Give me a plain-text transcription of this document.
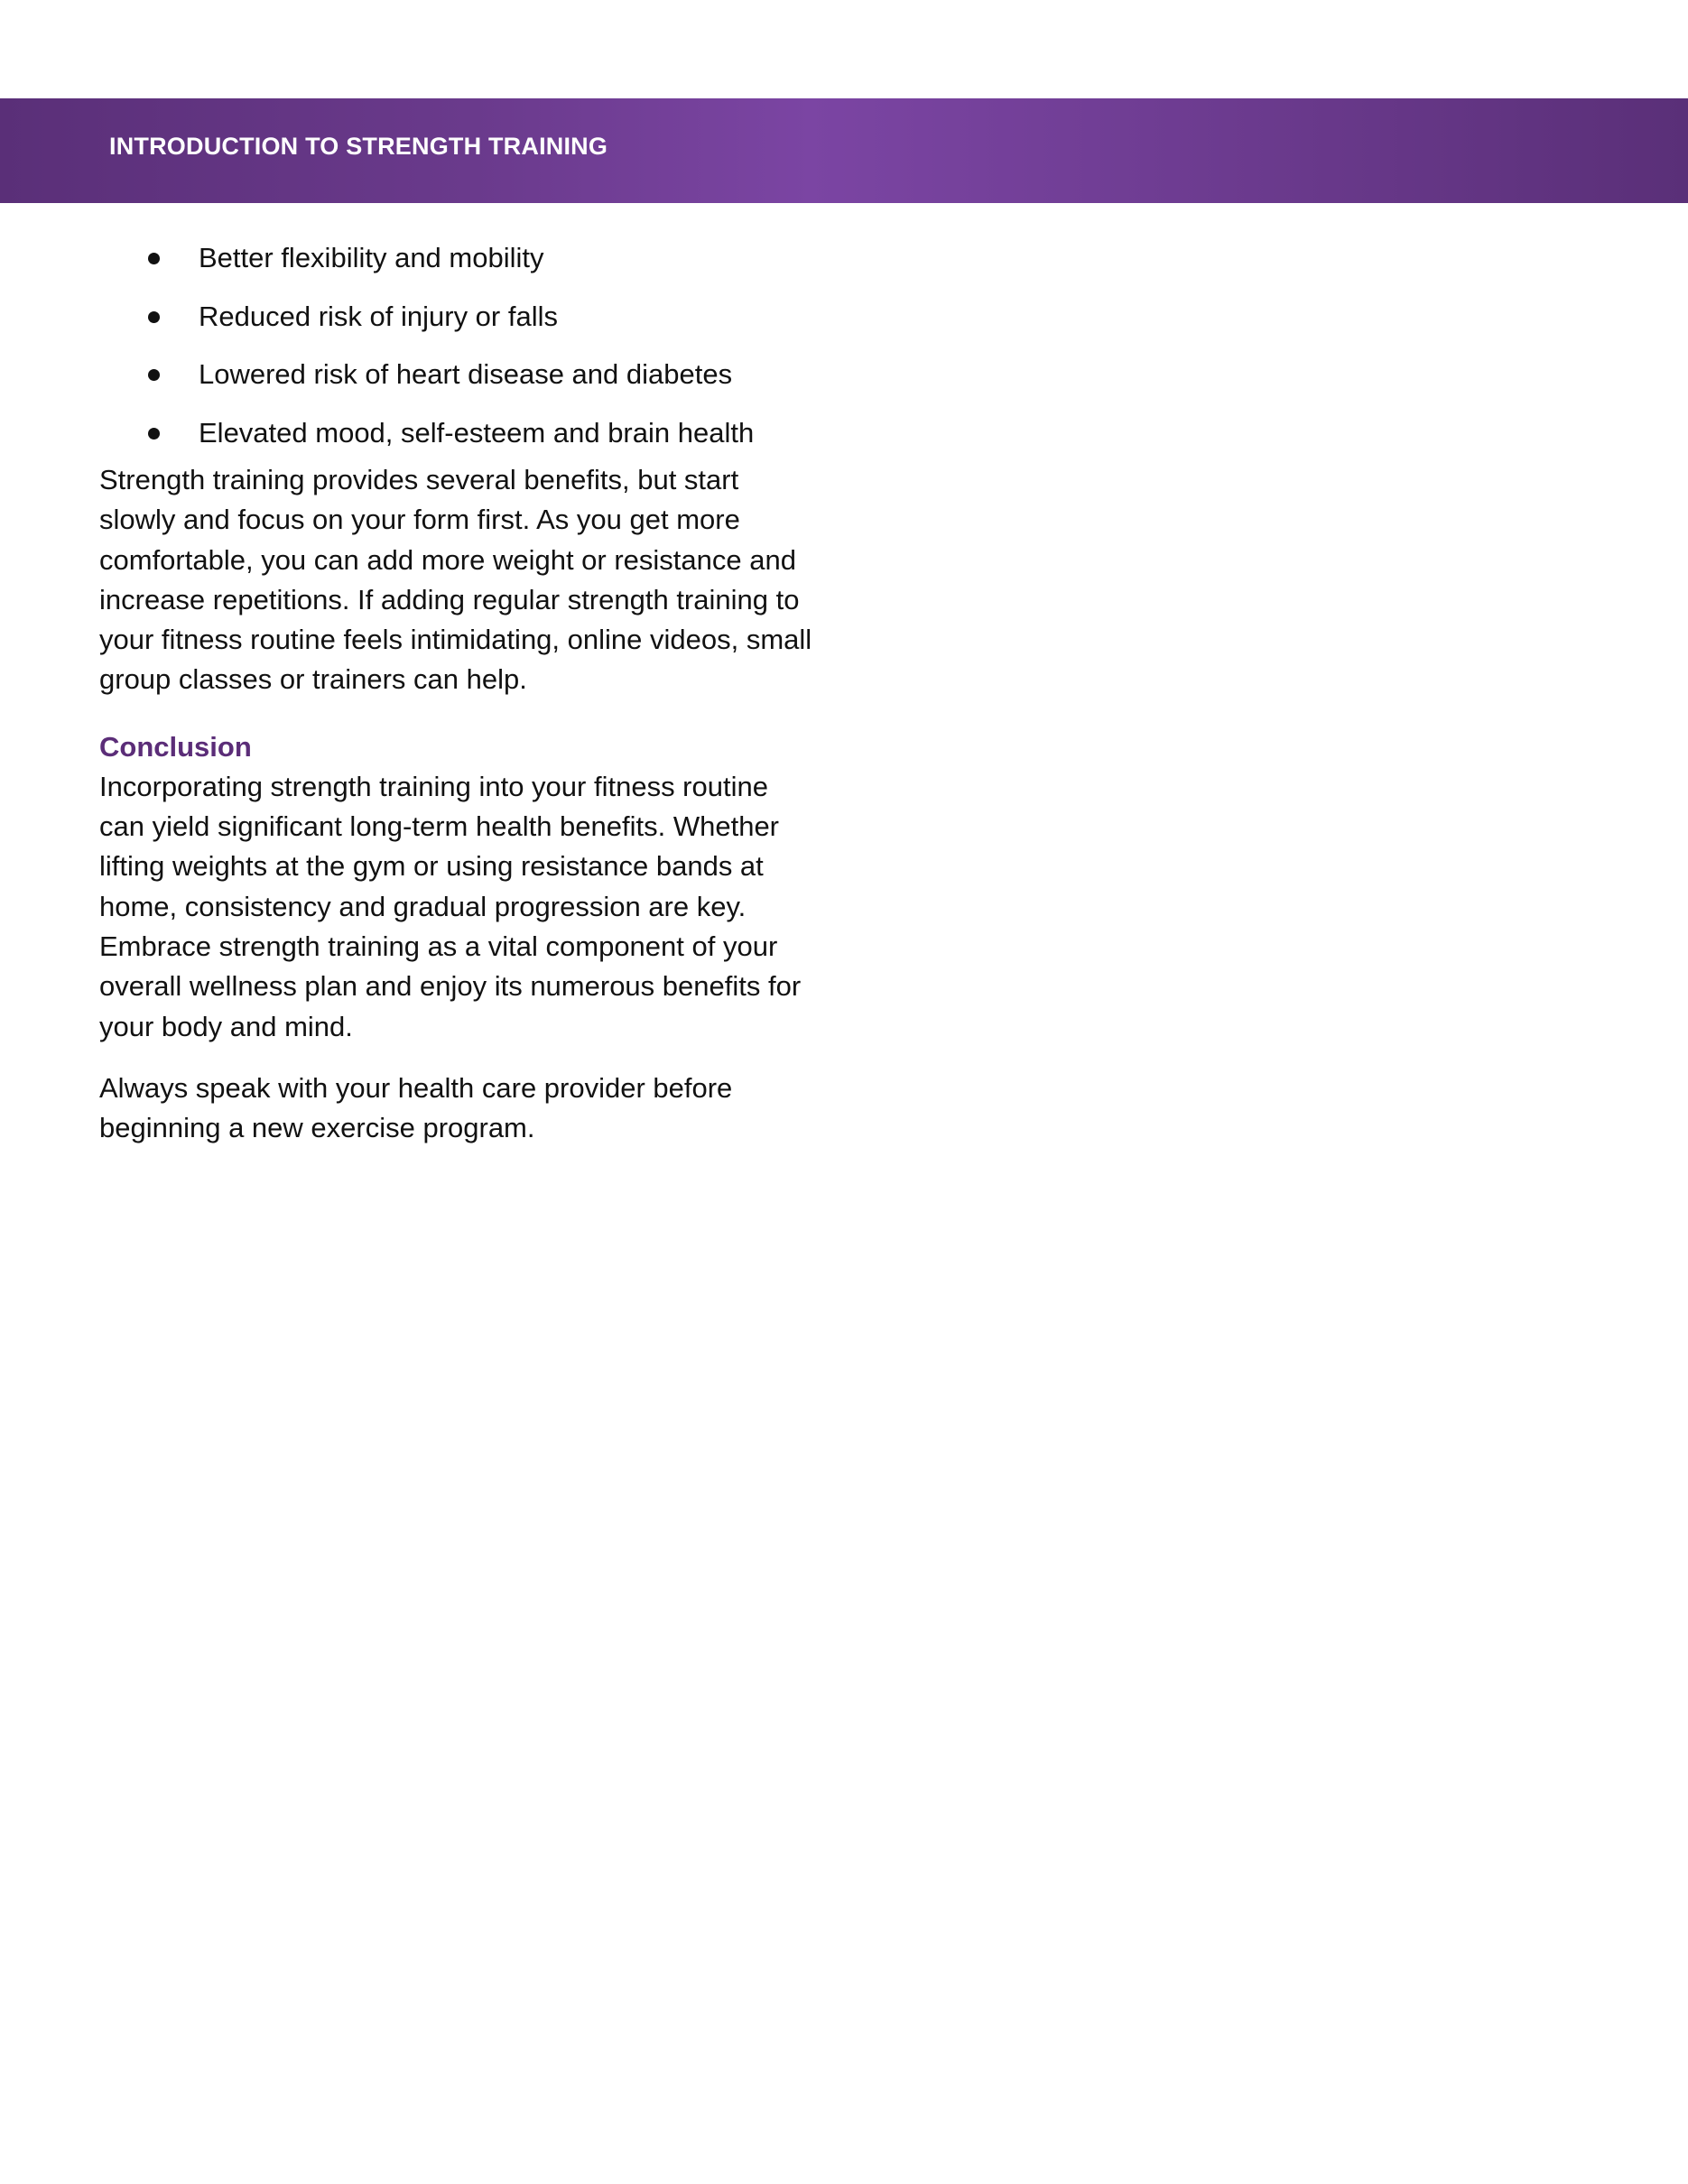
INTRODUCTION TO STRENGTH TRAINING
Better flexibility and mobility
Reduced risk of injury or falls
Lowered risk of heart disease and diabetes
Elevated mood, self-esteem and brain health

Strength training provides several benefits, but start slowly and focus on your form first. As you get more comfortable, you can add more weight or resistance and increase repetitions. If adding regular strength training to your fitness routine feels intimidating, online videos, small group classes or trainers can help.

Conclusion

Incorporating strength training into your fitness routine can yield significant long-term health benefits. Whether lifting weights at the gym or using resistance bands at home, consistency and gradual progression are key. Embrace strength training as a vital component of your overall wellness plan and enjoy its numerous benefits for your body and mind.

Always speak with your health care provider before beginning a new exercise program.
